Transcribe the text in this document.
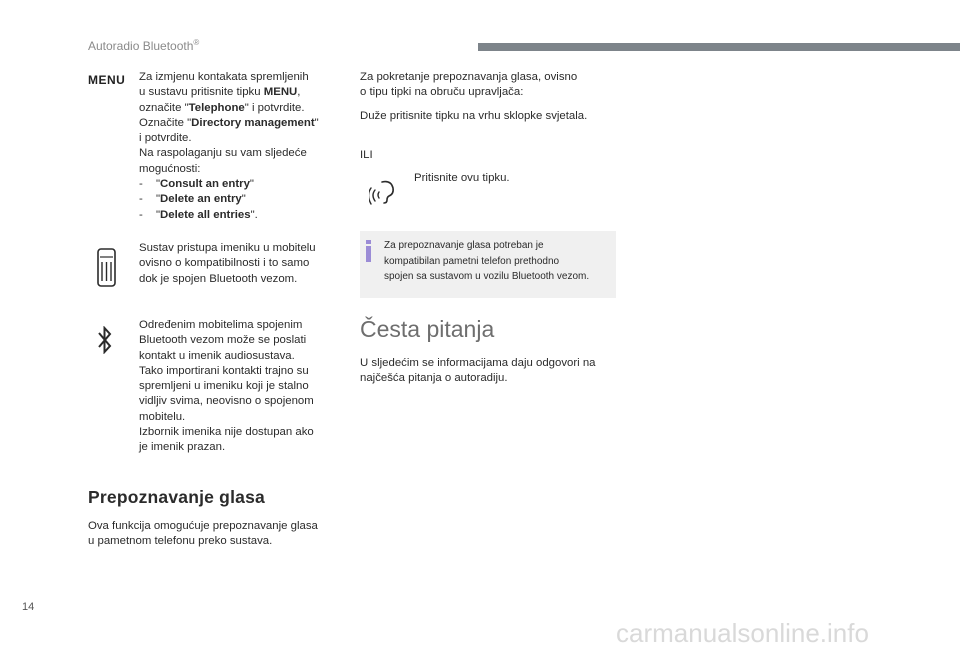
Autoradio Bluetooth®
MENU Za izmjenu kontakata spremljenih

u sustavu pritisnite tipku MENU,

označite "Telephone" i potvrdite.

Označite "Directory management"

i potvrdite.

Na raspolaganju su vam sljedeće

mogućnosti:

- "Consult an entry"

- "Delete an entry"

- "Delete all entries".

Sustav pristupa imeniku u mobitelu

ovisno o kompatibilnosti i to samo

dok je spojen Bluetooth vezom.

Određenim mobitelima spojenim

Bluetooth vezom može se poslati

kontakt u imenik audiosustava.

Tako importirani kontakti trajno su

spremljeni u imeniku koji je stalno

vidljiv svima, neovisno o spojenom

mobitelu.

Izbornik imenika nije dostupan ako

je imenik prazan.

Prepoznavanje glasa

Ova funkcija omogućuje prepoznavanje glasa

u pametnom telefonu preko sustava.

Za pokretanje prepoznavanja glasa, ovisno

o tipu tipki na obruču upravljača:

Duže pritisnite tipku na vrhu sklopke svjetala.
ILI
Pritisnite ovu tipku.
Za prepoznavanje glasa potreban je
kompatibilan pametni telefon prethodno
spojen sa sustavom u vozilu Bluetooth vezom.
Česta pitanja

U sljedećim se informacijama daju odgovori na

najčešća pitanja o autoradiju.

14
carmanualsonline.info
